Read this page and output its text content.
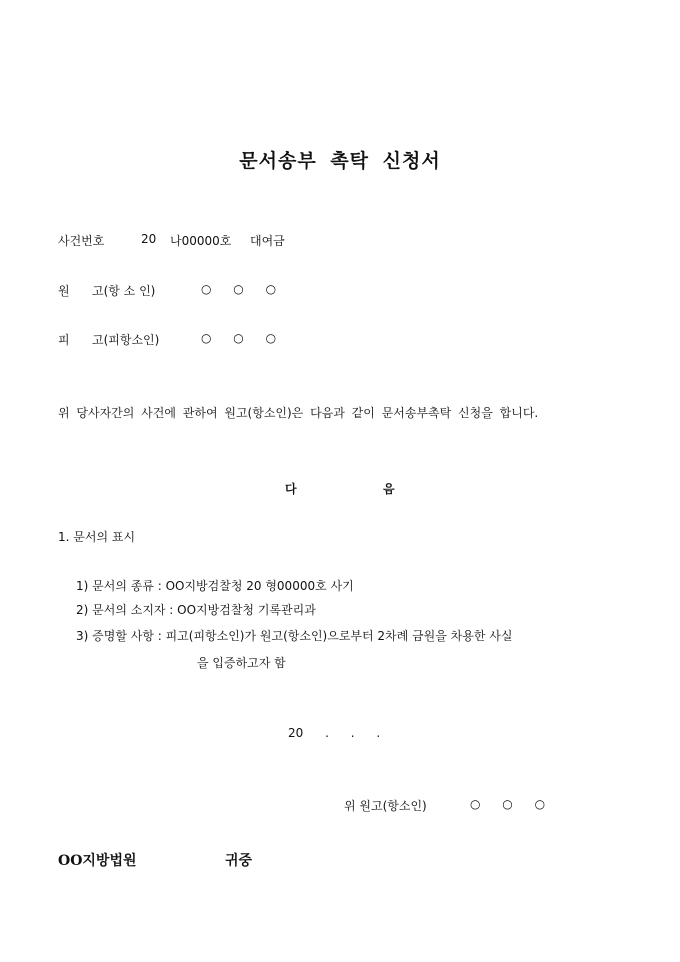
문서송부 촉탁 신청서
사건번호	20 나00000호 대여금
원 고(항 소 인)	○ ○ ○
피 고(피항소인)	○ ○ ○
위 당사자간의 사건에 관하여 원고(항소인)은 다음과 같이 문서송부촉탁 신청을 합니다.
다	음
1. 문서의 표시
1) 문서의 종류 : OO지방검찰청 20 형00000호 사기
2) 문서의 소지자 : OO지방검찰청 기록관리과
3) 증명할 사항 : 피고(피항소인)가 원고(항소인)으로부터 2차례 금원을 차용한 사실
을 입증하고자 함
20 . . .
위 원고(항소인)	○ ○ ○
OO지방법원	귀중
